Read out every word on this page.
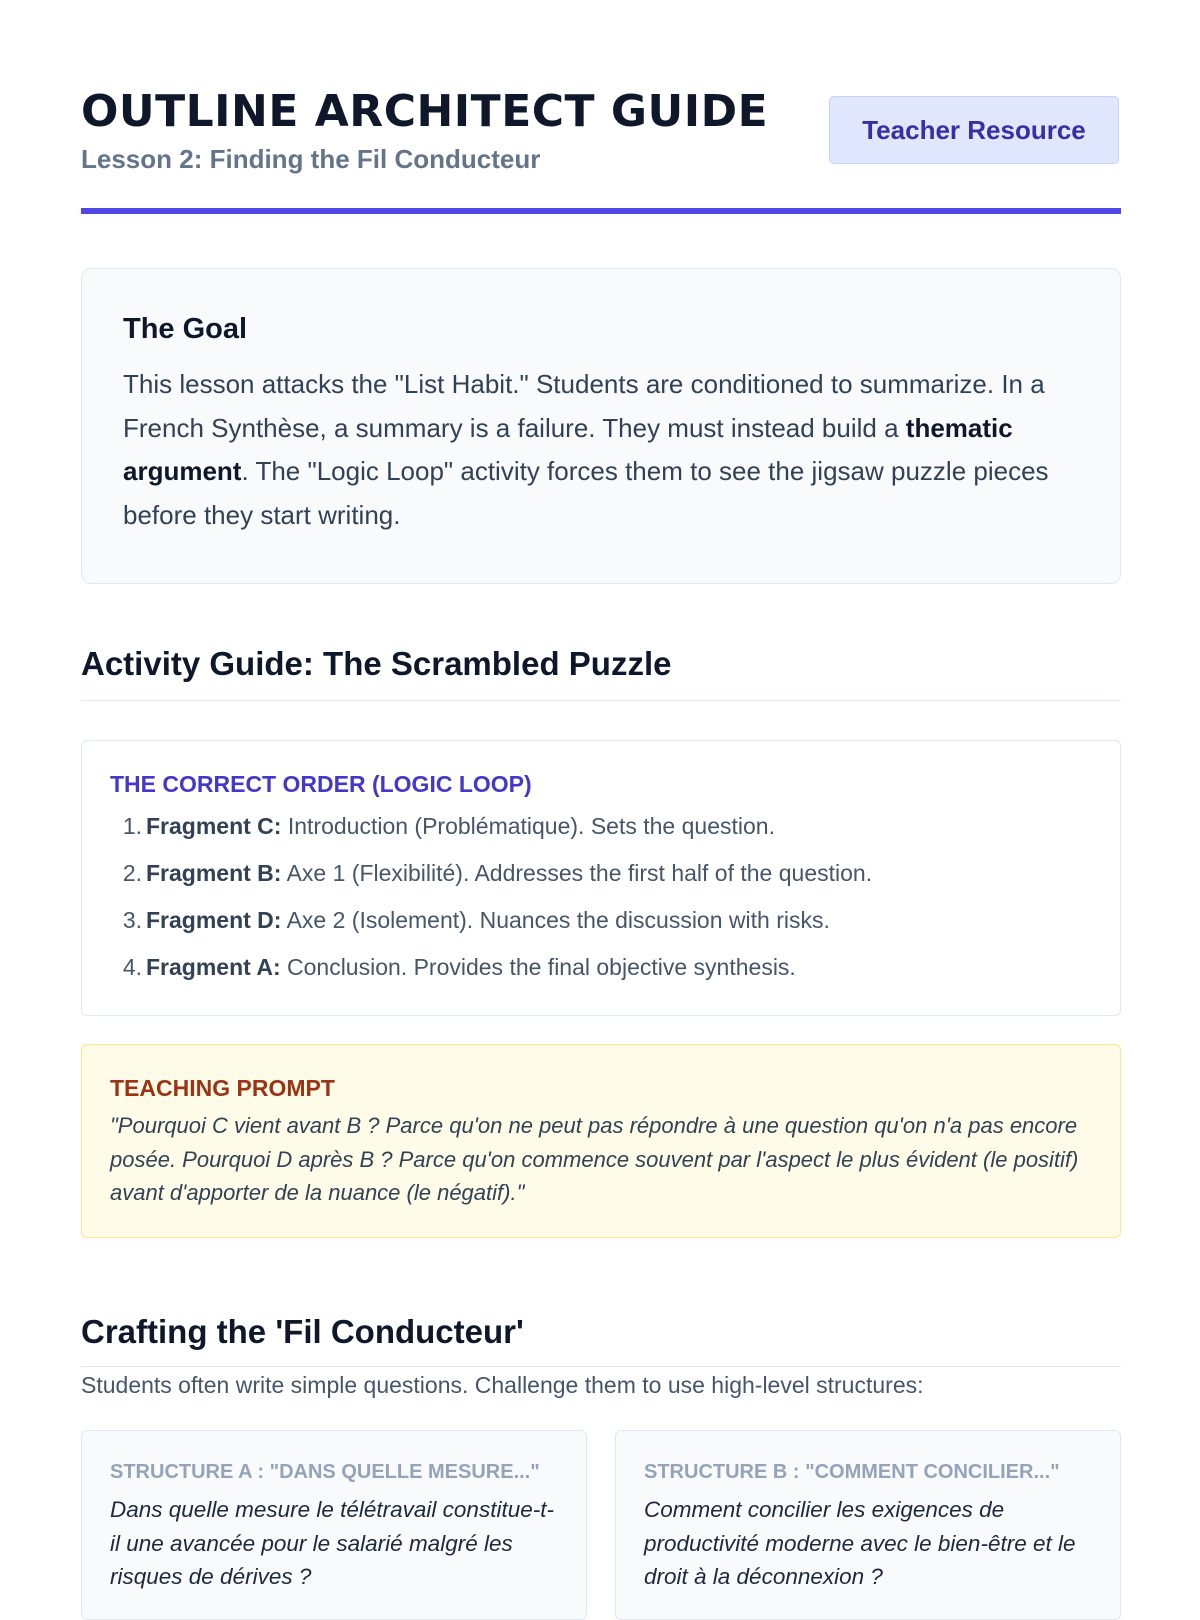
OUTLINE ARCHITECT GUIDE
Lesson 2: Finding the Fil Conducteur
Teacher Resource
The Goal

This lesson attacks the "List Habit." Students are conditioned to summarize. In a French Synthèse, a summary is a failure. They must instead build a thematic argument. The "Logic Loop" activity forces them to see the jigsaw puzzle pieces before they start writing.

Activity Guide: The Scrambled Puzzle
THE CORRECT ORDER (LOGIC LOOP)
1. Fragment C: Introduction (Problématique). Sets the question.
2. Fragment B: Axe 1 (Flexibilité). Addresses the first half of the question.
3. Fragment D: Axe 2 (Isolement). Nuances the discussion with risks.
4. Fragment A: Conclusion. Provides the final objective synthesis.
TEACHING PROMPT

"Pourquoi C vient avant B ? Parce qu'on ne peut pas répondre à une question qu'on n'a pas encore posée. Pourquoi D après B ? Parce qu'on commence souvent par l'aspect le plus évident (le positif) avant d'apporter de la nuance (le négatif)."

Crafting the 'Fil Conducteur'

Students often write simple questions. Challenge them to use high-level structures:

STRUCTURE A : "DANS QUELLE MESURE..."

Dans quelle mesure le télétravail constitue-t-il une avancée pour le salarié malgré les risques de dérives ?

STRUCTURE B : "COMMENT CONCILIER..."

Comment concilier les exigences de productivité moderne avec le bien-être et le droit à la déconnexion ?
